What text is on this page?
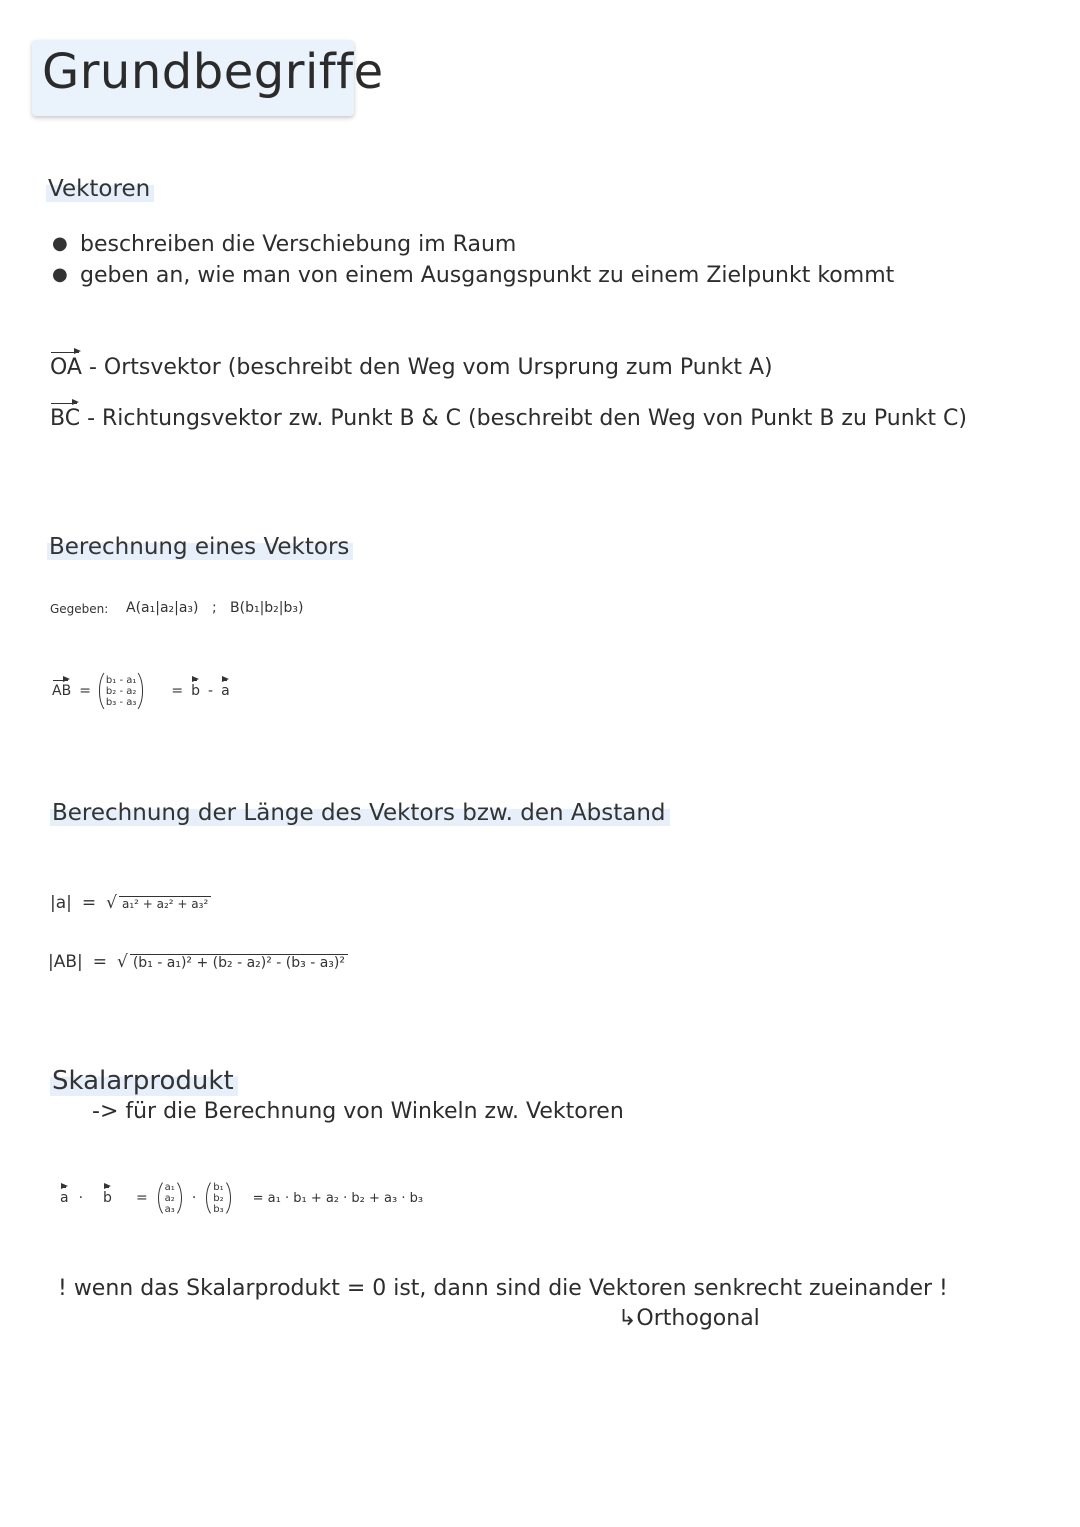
Grundbegriffe
Vektoren
● beschreiben die Verschiebung im Raum
● geben an, wie man von einem Ausgangspunkt zu einem Zielpunkt kommt
OA - Ortsvektor (beschreibt den Weg vom Ursprung zum Punkt A)
BC - Richtungsvektor zw. Punkt B & C (beschreibt den Weg von Punkt B zu Punkt C)
Berechnung eines Vektors
Gegeben: A(a₁|a₂|a₃) ; B(b₁|b₂|b₃)
AB =
b₁ - a₁
b₂ - a₂
b₃ - a₃
= b - a
Berechnung der Länge des Vektors bzw. den Abstand
|a| = √ a₁² + a₂² + a₃²
|AB| = √ (b₁ - a₁)² + (b₂ - a₂)² - (b₃ - a₃)²
Skalarprodukt
-> für die Berechnung von Winkeln zw. Vektoren
a · b =
a₁
a₂
a₃
·
b₁
b₂
b₃
= a₁ · b₁ + a₂ · b₂ + a₃ · b₃
! wenn das Skalarprodukt = 0 ist, dann sind die Vektoren senkrecht zueinander !
↳Orthogonal
